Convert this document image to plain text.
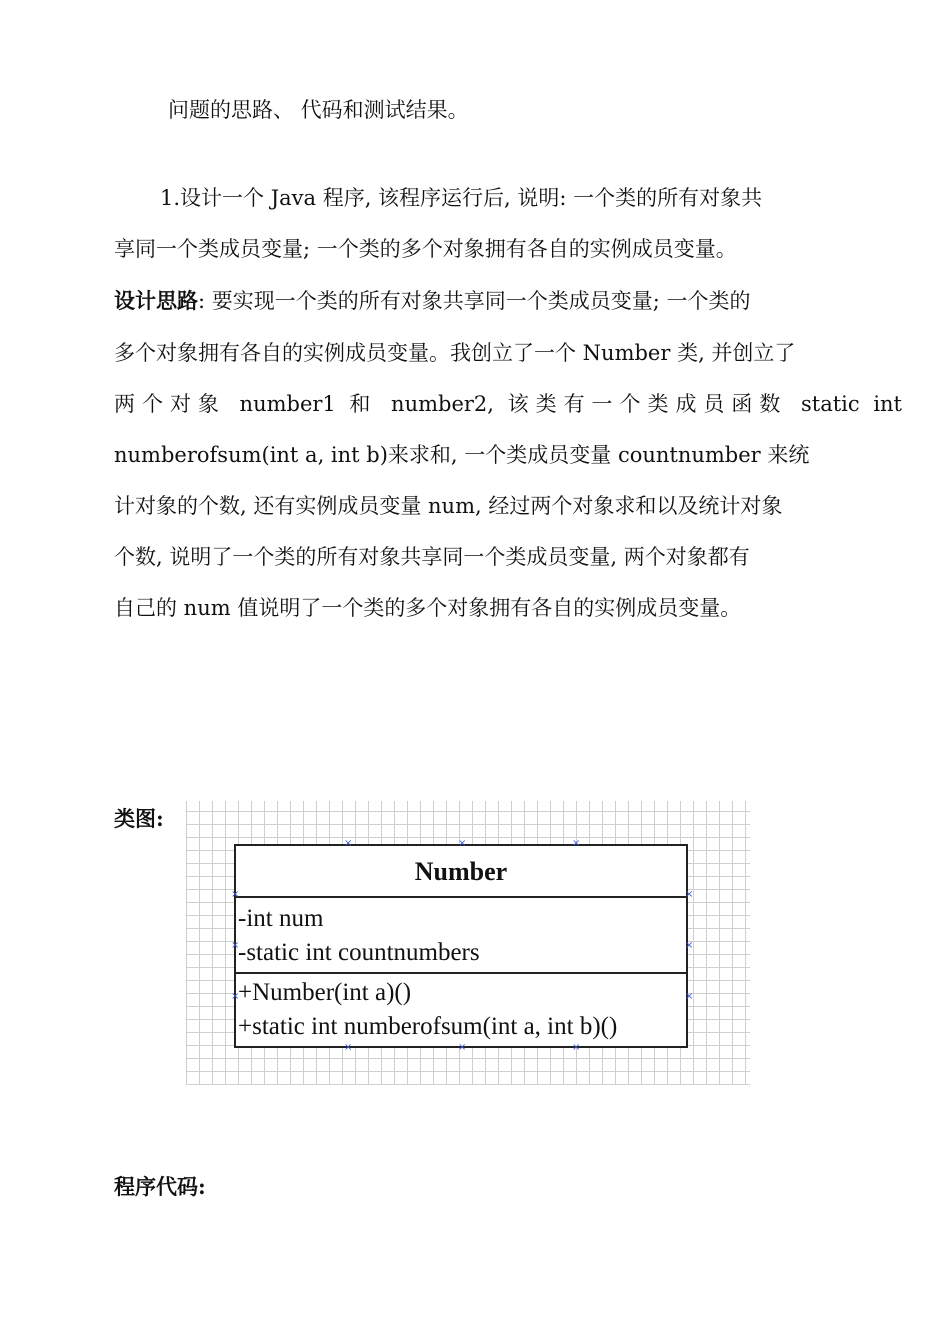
问题的思路、 代码和测试结果。
1.设计一个 Java 程序, 该程序运行后, 说明: 一个类的所有对象共
享同一个类成员变量; 一个类的多个对象拥有各自的实例成员变量。
设计思路: 要实现一个类的所有对象共享同一个类成员变量; 一个类的
多个对象拥有各自的实例成员变量。我创立了一个 Number 类, 并创立了
两个对象 number1 和 number2, 该类有一个类成员函数 static int
numberofsum(int a, int b)来求和, 一个类成员变量 countnumber 来统
计对象的个数, 还有实例成员变量 num, 经过两个对象求和以及统计对象
个数, 说明了一个类的所有对象共享同一个类成员变量, 两个对象都有
自己的 num 值说明了一个类的多个对象拥有各自的实例成员变量。
类图:
Number
-int num
-static int countnumbers
+Number(int a)()
+static int numberofsum(int a, int b)()
×	×	×
×	×
×	×
×	×
×	×	×
程序代码:
